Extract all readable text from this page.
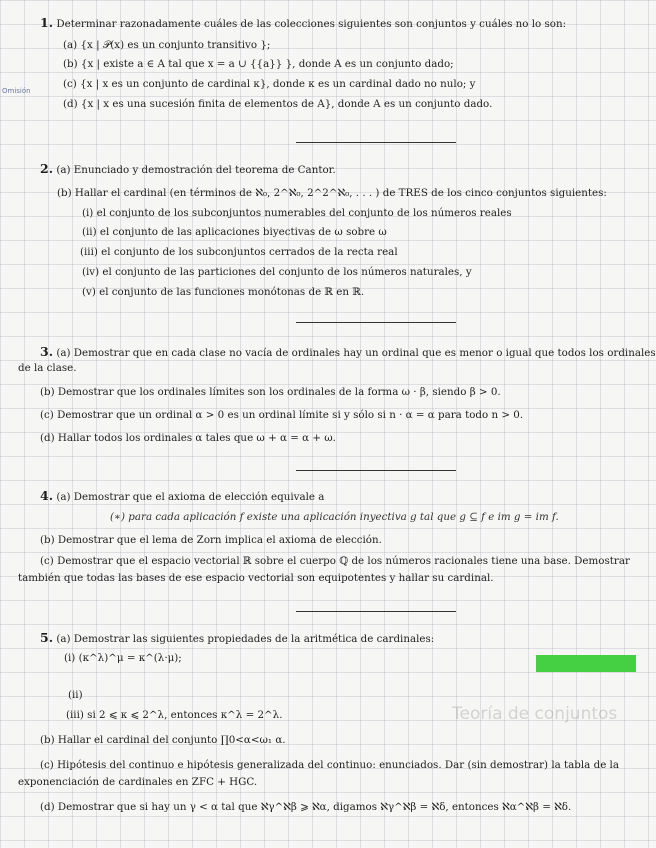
1. Determinar razonadamente cuáles de las colecciones siguientes son conjuntos y cuáles no lo son:
(a) {x | 𝒫(x) es un conjunto transitivo };
(b) {x | existe a ∈ A tal que x = a ∪ {{a}} }, donde A es un conjunto dado;
Omisión
(c) {x | x es un conjunto de cardinal κ}, donde κ es un cardinal dado no nulo; y
(d) {x | x es una sucesión finita de elementos de A}, donde A es un conjunto dado.
2. (a) Enunciado y demostración del teorema de Cantor.
(b) Hallar el cardinal (en términos de ℵ₀, 2^ℵ₀, 2^2^ℵ₀, . . . ) de TRES de los cinco conjuntos siguientes:
(i) el conjunto de los subconjuntos numerables del conjunto de los números reales
(ii) el conjunto de las aplicaciones biyectivas de ω sobre ω
(iii) el conjunto de los subconjuntos cerrados de la recta real
(iv) el conjunto de las particiones del conjunto de los números naturales, y
(v) el conjunto de las funciones monótonas de ℝ en ℝ.
3. (a) Demostrar que en cada clase no vacía de ordinales hay un ordinal que es menor o igual que todos los ordinales
de la clase.
(b) Demostrar que los ordinales límites son los ordinales de la forma ω · β, siendo β > 0.
(c) Demostrar que un ordinal α > 0 es un ordinal límite si y sólo si n · α = α para todo n > 0.
(d) Hallar todos los ordinales α tales que ω + α = α + ω.
4. (a) Demostrar que el axioma de elección equivale a
(∗) para cada aplicación f existe una aplicación inyectiva g tal que g ⊆ f e im g = im f.
(b) Demostrar que el lema de Zorn implica el axioma de elección.
(c) Demostrar que el espacio vectorial ℝ sobre el cuerpo ℚ de los números racionales tiene una base. Demostrar
también que todas las bases de ese espacio vectorial son equipotentes y hallar su cardinal.
5. (a) Demostrar las siguientes propiedades de la aritmética de cardinales:
(i) (κ^λ)^μ = κ^(λ·μ);
(ii)
(iii) si 2 ⩽ κ ⩽ 2^λ, entonces κ^λ = 2^λ.	Teoría de conjuntos
(b) Hallar el cardinal del conjunto ∏0<α<ω₁ α.
(c) Hipótesis del continuo e hipótesis generalizada del continuo: enunciados. Dar (sin demostrar) la tabla de la
exponenciación de cardinales en ZFC + HGC.
(d) Demostrar que si hay un γ < α tal que ℵγ^ℵβ ⩾ ℵα, digamos ℵγ^ℵβ = ℵδ, entonces ℵα^ℵβ = ℵδ.
